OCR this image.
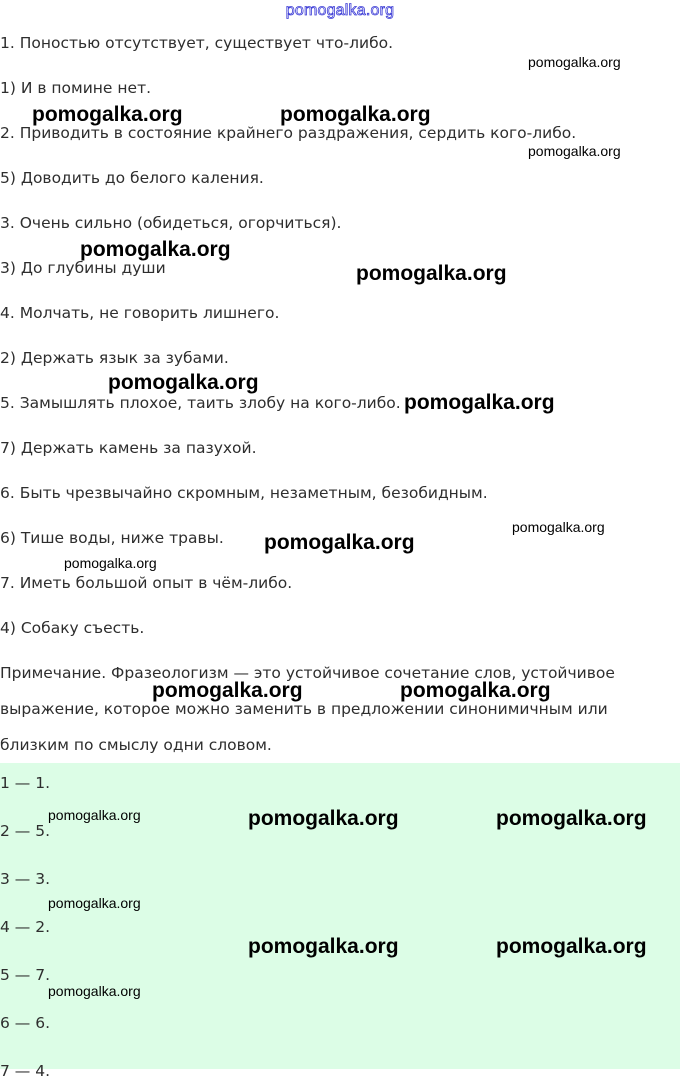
pomogalka.org
1. Поностью отсутствует, существует что-либо.
1) И в помине нет.
2. Приводить в состояние крайнего раздражения, сердить кого-либо.
5) Доводить до белого каления.
3. Очень сильно (обидеться, огорчиться).
3) До глубины души
4. Молчать, не говорить лишнего.
2) Держать язык за зубами.
5. Замышлять плохое, таить злобу на кого-либо.
7) Держать камень за пазухой.
6. Быть чрезвычайно скромным, незаметным, безобидным.
6) Тише воды, ниже травы.
7. Иметь большой опыт в чём-либо.
4) Собаку съесть.
Примечание. Фразеологизм — это устойчивое сочетание слов, устойчивое
выражение, которое можно заменить в предложении синонимичным или
близким по смыслу одни словом.
1 — 1.
2 — 5.
3 — 3.
4 — 2.
5 — 7.
6 — 6.
7 — 4.
pomogalka.org
pomogalka.org	pomogalka.org
pomogalka.org
pomogalka.org
pomogalka.org
pomogalka.org
pomogalka.org
pomogalka.org
pomogalka.org
pomogalka.org
pomogalka.org	pomogalka.org
pomogalka.org	pomogalka.org	pomogalka.org
pomogalka.org
pomogalka.org	pomogalka.org
pomogalka.org
